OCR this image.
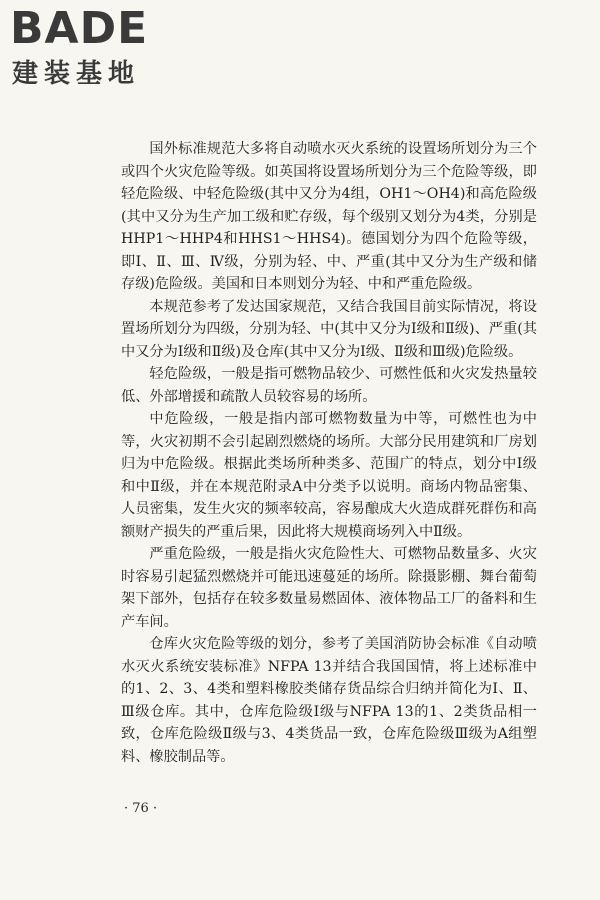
BADE
建装基地

国外标准规范大多将自动喷水灭火系统的设置场所划分为三个或四个火灾危险等级。如英国将设置场所划分为三个危险等级，即轻危险级、中轻危险级(其中又分为4组，OH1～OH4)和高危险级(其中又分为生产加工级和贮存级，每个级别又划分为4类，分别是HHP1～HHP4和HHS1～HHS4)。德国划分为四个危险等级，即Ⅰ、Ⅱ、Ⅲ、Ⅳ级，分别为轻、中、严重(其中又分为生产级和储存级)危险级。美国和日本则划分为轻、中和严重危险级。

本规范参考了发达国家规范，又结合我国目前实际情况，将设置场所划分为四级，分别为轻、中(其中又分为Ⅰ级和Ⅱ级)、严重(其中又分为Ⅰ级和Ⅱ级)及仓库(其中又分为Ⅰ级、Ⅱ级和Ⅲ级)危险级。

轻危险级，一般是指可燃物品较少、可燃性低和火灾发热量较低、外部增援和疏散人员较容易的场所。

中危险级，一般是指内部可燃物数量为中等，可燃性也为中等，火灾初期不会引起剧烈燃烧的场所。大部分民用建筑和厂房划归为中危险级。根据此类场所种类多、范围广的特点，划分中Ⅰ级和中Ⅱ级，并在本规范附录A中分类予以说明。商场内物品密集、人员密集，发生火灾的频率较高，容易酿成大火造成群死群伤和高额财产损失的严重后果，因此将大规模商场列入中Ⅱ级。

严重危险级，一般是指火灾危险性大、可燃物品数量多、火灾时容易引起猛烈燃烧并可能迅速蔓延的场所。除摄影棚、舞台葡萄架下部外，包括存在较多数量易燃固体、液体物品工厂的备料和生产车间。

仓库火灾危险等级的划分，参考了美国消防协会标准《自动喷水灭火系统安装标准》NFPA 13并结合我国国情，将上述标准中的1、2、3、4类和塑料橡胶类储存货品综合归纳并简化为Ⅰ、Ⅱ、Ⅲ级仓库。其中，仓库危险级Ⅰ级与NFPA 13的1、2类货品相一致，仓库危险级Ⅱ级与3、4类货品一致，仓库危险级Ⅲ级为A组塑料、橡胶制品等。

· 76 ·
